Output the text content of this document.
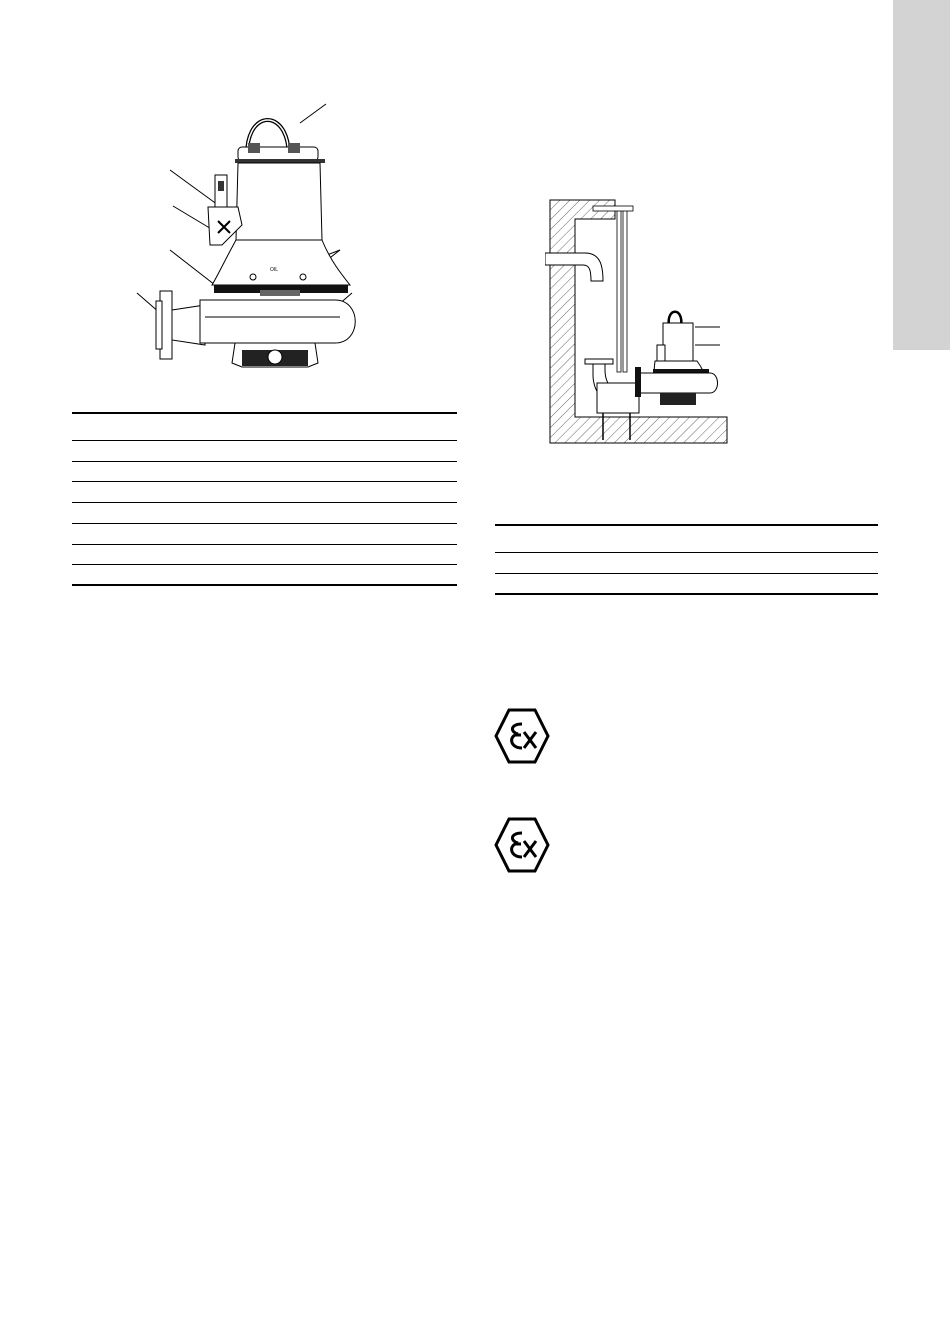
OIL
